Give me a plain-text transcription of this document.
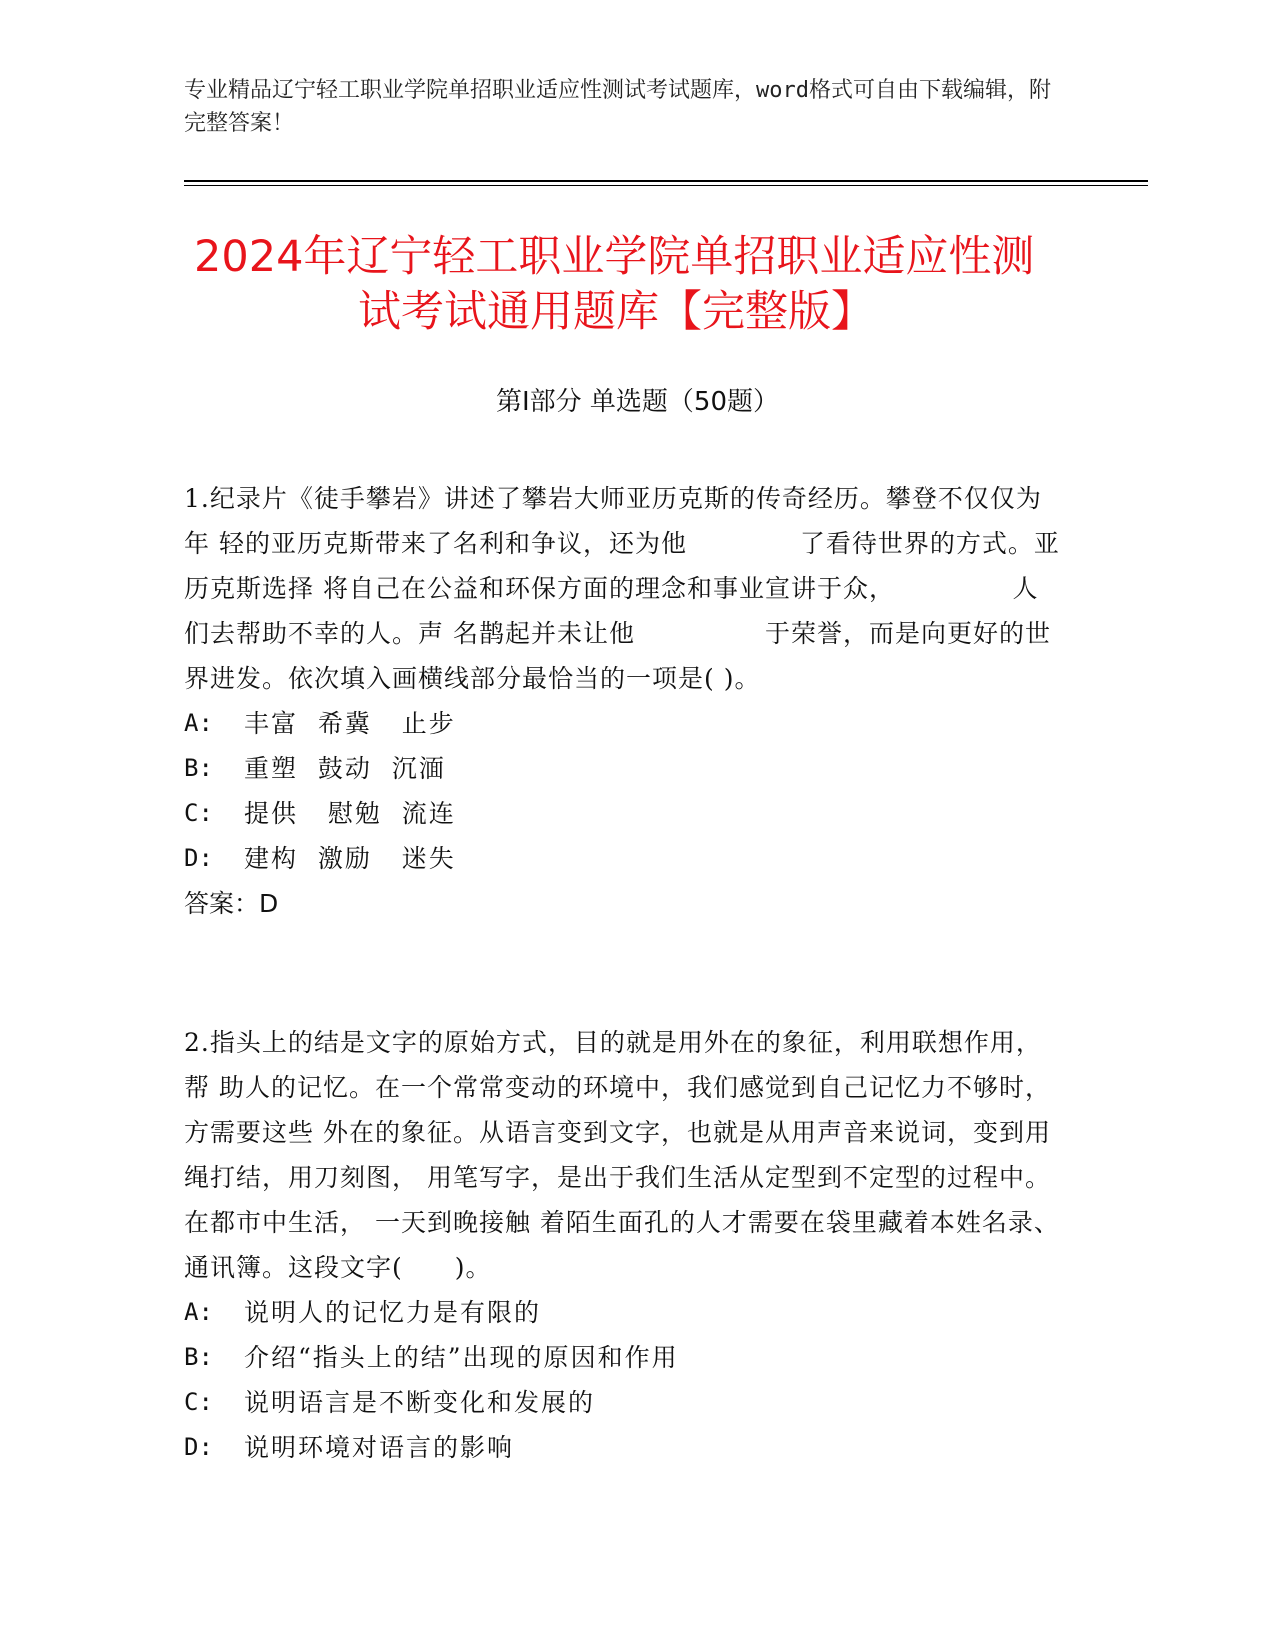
专业精品辽宁轻工职业学院单招职业适应性测试考试题库，word格式可自由下载编辑，附完整答案！
2024年辽宁轻工职业学院单招职业适应性测
试考试通用题库【完整版】
第Ⅰ部分 单选题（50题）

1.纪录片《徒手攀岩》讲述了攀岩大师亚历克斯的传奇经历。攀登不仅仅为年 轻的亚历克斯带来了名利和争议，还为他 　　　　了看待世界的方式。亚历克斯选择 将自己在公益和环保方面的理念和事业宣讲于众，　　　　　人们去帮助不幸的人。声 名鹊起并未让他　　　　　于荣誉，而是向更好的世界进发。依次填入画横线部分最恰当的一项是( )。

A:	丰富  希冀   止步
B:	重塑  鼓动  沉湎
C:	提供   慰勉  流连
D:	建构  激励   迷失

答案：D

2.指头上的结是文字的原始方式，目的就是用外在的象征，利用联想作用，帮 助人的记忆。在一个常常变动的环境中，我们感觉到自己记忆力不够时，方需要这些 外在的象征。从语言变到文字，也就是从用声音来说词，变到用绳打结，用刀刻图， 用笔写字，是出于我们生活从定型到不定型的过程中。在都市中生活， 一天到晚接触 着陌生面孔的人才需要在袋里藏着本姓名录、通讯簿。这段文字(　　)。

A:	说明人的记忆力是有限的
B:	介绍“指头上的结”出现的原因和作用
C:	说明语言是不断变化和发展的
D:	说明环境对语言的影响
